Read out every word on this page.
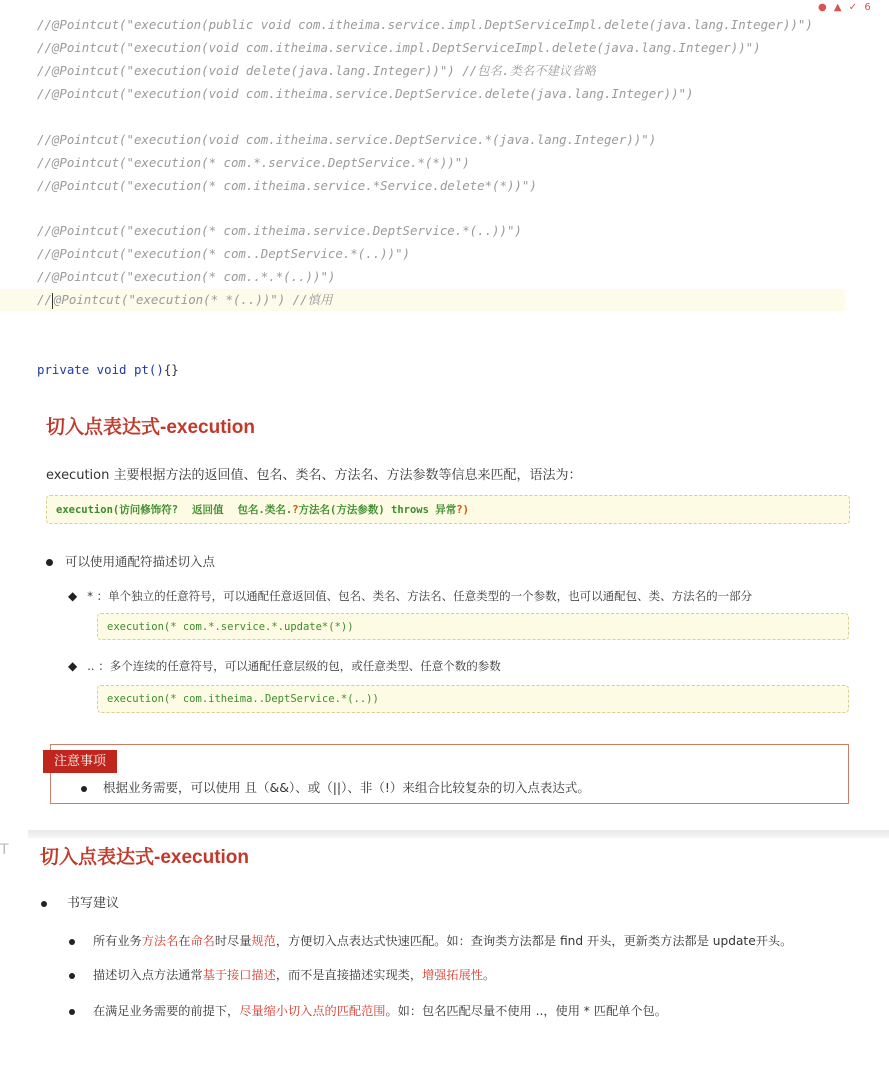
● ▲ ✓ 6
//@Pointcut("execution(public void com.itheima.service.impl.DeptServiceImpl.delete(java.lang.Integer))")
//@Pointcut("execution(void com.itheima.service.impl.DeptServiceImpl.delete(java.lang.Integer))")
//@Pointcut("execution(void delete(java.lang.Integer))") //包名.类名不建议省略
//@Pointcut("execution(void com.itheima.service.DeptService.delete(java.lang.Integer))")
//@Pointcut("execution(void com.itheima.service.DeptService.*(java.lang.Integer))")
//@Pointcut("execution(* com.*.service.DeptService.*(*))")
//@Pointcut("execution(* com.itheima.service.*Service.delete*(*))")
//@Pointcut("execution(* com.itheima.service.DeptService.*(..))")
//@Pointcut("execution(* com..DeptService.*(..))")
//@Pointcut("execution(* com..*.*(..))")
// @Pointcut("execution(* *(..))") //慎用
private void pt(){}
切入点表达式-execution
execution 主要根据方法的返回值、包名、类名、方法名、方法参数等信息来匹配，语法为：
execution(访问修饰符? 返回值 包名.类名. ? 方法名(方法参数) throws 异常 ?)
可以使用通配符描述切入点
◆ * ：单个独立的任意符号，可以通配任意返回值、包名、类名、方法名、任意类型的一个参数，也可以通配包、类、方法名的一部分
execution(* com.*.service.*.update*(*))
◆ .. ：多个连续的任意符号，可以通配任意层级的包，或任意类型、任意个数的参数
execution(* com.itheima..DeptService.*(..))
注意事项
根据业务需要，可以使用 且（&&）、或（||）、非（!）来组合比较复杂的切入点表达式。
T 切入点表达式-execution
书写建议
所有业务方法名在命名时尽量规范，方便切入点表达式快速匹配。如：查询类方法都是 find 开头，更新类方法都是 update开头。
描述切入点方法通常基于接口描述，而不是直接描述实现类，增强拓展性。
在满足业务需要的前提下，尽量缩小切入点的匹配范围。如：包名匹配尽量不使用 ..，使用 * 匹配单个包。
